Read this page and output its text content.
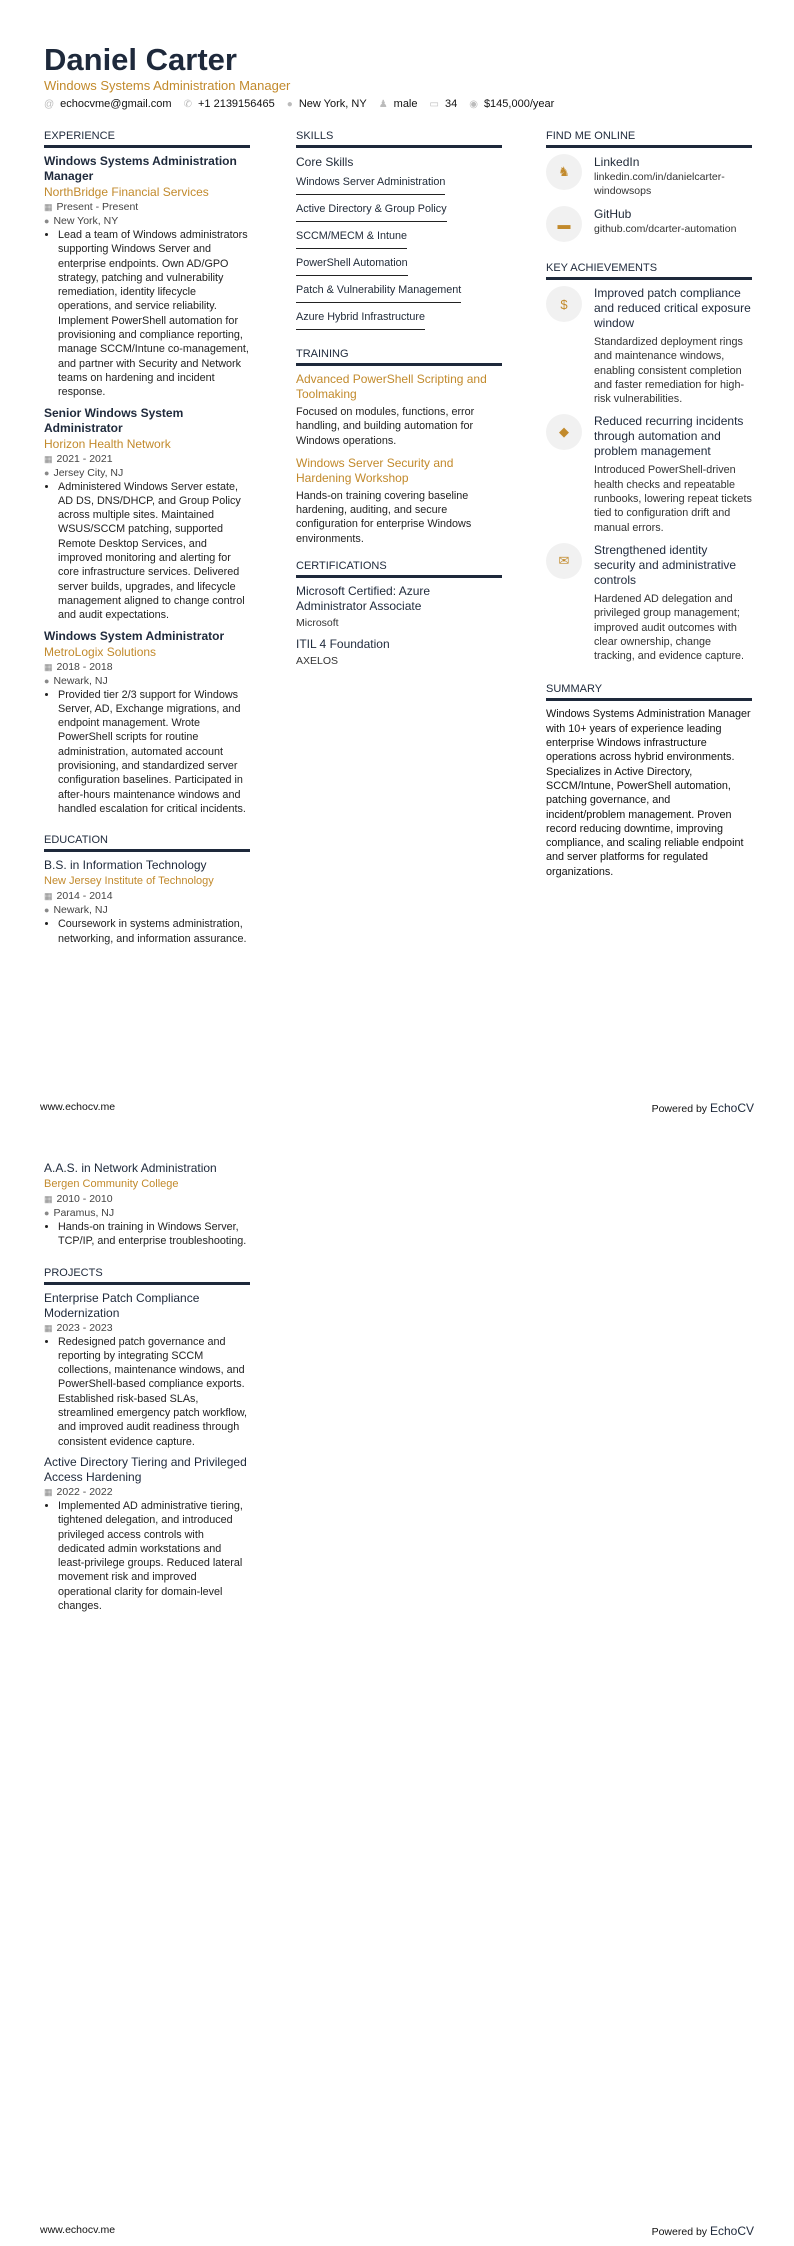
Daniel Carter
Windows Systems Administration Manager
@ echocvme@gmail.com ✆ +1 2139156465 ● New York, NY ♟ male ▭ 34 ◉ $145,000/year
EXPERIENCE
Windows Systems Administration Manager
NorthBridge Financial Services
▦ Present - Present
● New York, NY
• Lead a team of Windows administrators supporting Windows Server and enterprise endpoints. Own AD/GPO strategy, patching and vulnerability remediation, identity lifecycle operations, and service reliability. Implement PowerShell automation for provisioning and compliance reporting, manage SCCM/Intune co-management, and partner with Security and Network teams on hardening and incident response.
Senior Windows System Administrator
Horizon Health Network
▦ 2021 - 2021
● Jersey City, NJ
• Administered Windows Server estate, AD DS, DNS/DHCP, and Group Policy across multiple sites. Maintained WSUS/SCCM patching, supported Remote Desktop Services, and improved monitoring and alerting for core infrastructure services. Delivered server builds, upgrades, and lifecycle management aligned to change control and audit expectations.
Windows System Administrator
MetroLogix Solutions
▦ 2018 - 2018
● Newark, NJ
• Provided tier 2/3 support for Windows Server, AD, Exchange migrations, and endpoint management. Wrote PowerShell scripts for routine administration, automated account provisioning, and standardized server configuration baselines. Participated in after-hours maintenance windows and handled escalation for critical incidents.
EDUCATION
B.S. in Information Technology
New Jersey Institute of Technology
▦ 2014 - 2014
● Newark, NJ
• Coursework in systems administration, networking, and information assurance.
SKILLS
Core Skills
Windows Server Administration
Active Directory & Group Policy
SCCM/MECM & Intune
PowerShell Automation
Patch & Vulnerability Management
Azure Hybrid Infrastructure
TRAINING
Advanced PowerShell Scripting and Toolmaking
Focused on modules, functions, error handling, and building automation for Windows operations.
Windows Server Security and Hardening Workshop
Hands-on training covering baseline hardening, auditing, and secure configuration for enterprise Windows environments.
CERTIFICATIONS
Microsoft Certified: Azure Administrator Associate
Microsoft
ITIL 4 Foundation
AXELOS
FIND ME ONLINE
♞
LinkedIn
linkedin.com/in/danielcarter-windowsops
▬
GitHub
github.com/dcarter-automation
KEY ACHIEVEMENTS
$
Improved patch compliance and reduced critical exposure window
Standardized deployment rings and maintenance windows, enabling consistent completion and faster remediation for high-risk vulnerabilities.
◆
Reduced recurring incidents through automation and problem management
Introduced PowerShell-driven health checks and repeatable runbooks, lowering repeat tickets tied to configuration drift and manual errors.
✉
Strengthened identity security and administrative controls
Hardened AD delegation and privileged group management; improved audit outcomes with clear ownership, change tracking, and evidence capture.
SUMMARY
Windows Systems Administration Manager with 10+ years of experience leading enterprise Windows infrastructure operations across hybrid environments. Specializes in Active Directory, SCCM/Intune, PowerShell automation, patching governance, and incident/problem management. Proven record reducing downtime, improving compliance, and scaling reliable endpoint and server platforms for regulated organizations.
www.echocv.me	Powered by EchoCV
A.A.S. in Network Administration
Bergen Community College
▦ 2010 - 2010
● Paramus, NJ
• Hands-on training in Windows Server, TCP/IP, and enterprise troubleshooting.
PROJECTS
Enterprise Patch Compliance Modernization
▦ 2023 - 2023
• Redesigned patch governance and reporting by integrating SCCM collections, maintenance windows, and PowerShell-based compliance exports. Established risk-based SLAs, streamlined emergency patch workflow, and improved audit readiness through consistent evidence capture.
Active Directory Tiering and Privileged Access Hardening
▦ 2022 - 2022
• Implemented AD administrative tiering, tightened delegation, and introduced privileged access controls with dedicated admin workstations and least-privilege groups. Reduced lateral movement risk and improved operational clarity for domain-level changes.
www.echocv.me	Powered by EchoCV
